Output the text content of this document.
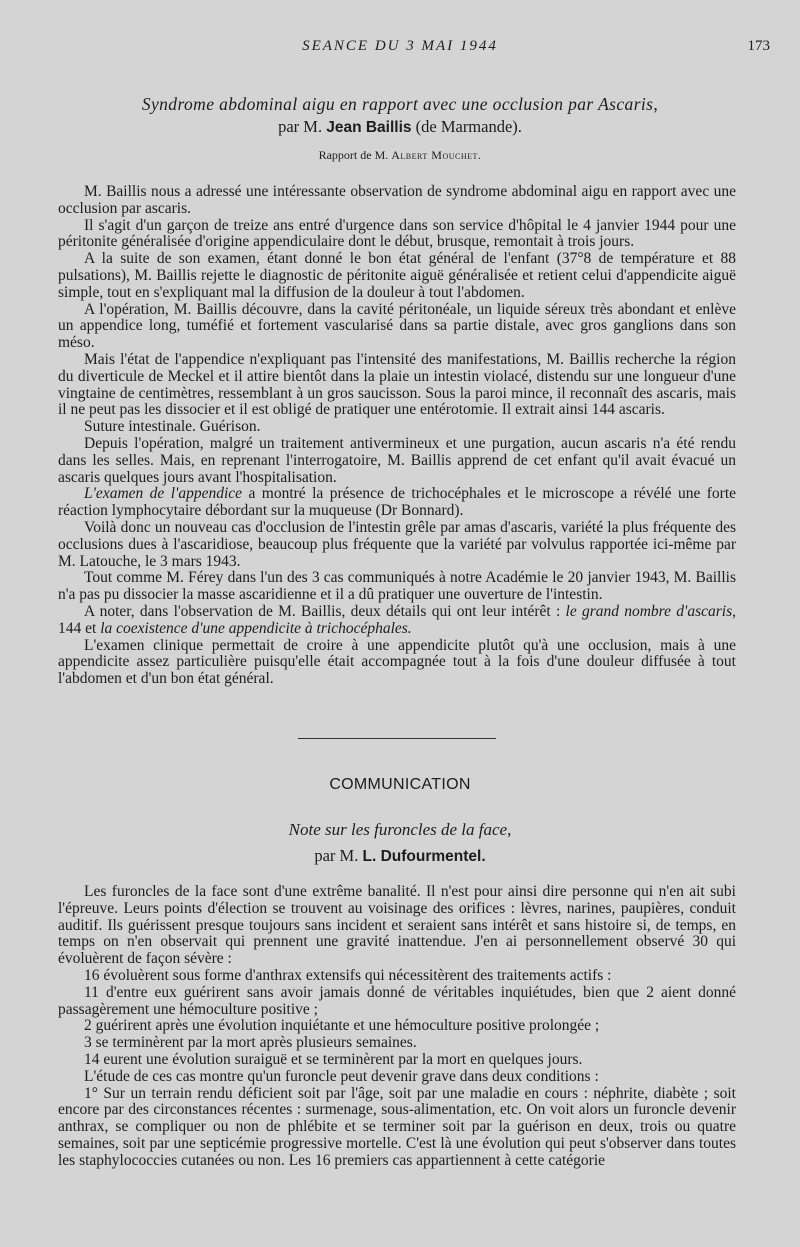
SEANCE DU 3 MAI 1944	173
Syndrome abdominal aigu en rapport avec une occlusion par Ascaris,
par M. Jean Baillis (de Marmande).
Rapport de M. Albert Mouchet.

M. Baillis nous a adressé une intéressante observation de syndrome abdominal aigu en rapport avec une occlusion par ascaris.

Il s'agit d'un garçon de treize ans entré d'urgence dans son service d'hôpital le 4 janvier 1944 pour une péritonite généralisée d'origine appendiculaire dont le début, brusque, remontait à trois jours.

A la suite de son examen, étant donné le bon état général de l'enfant (37°8 de température et 88 pulsations), M. Baillis rejette le diagnostic de péritonite aiguë généralisée et retient celui d'appendicite aiguë simple, tout en s'expliquant mal la diffusion de la douleur à tout l'abdomen.

A l'opération, M. Baillis découvre, dans la cavité péritonéale, un liquide séreux très abondant et enlève un appendice long, tuméfié et fortement vascularisé dans sa partie distale, avec gros ganglions dans son méso.

Mais l'état de l'appendice n'expliquant pas l'intensité des manifestations, M. Baillis recherche la région du diverticule de Meckel et il attire bientôt dans la plaie un intestin violacé, distendu sur une longueur d'une vingtaine de centimètres, ressemblant à un gros saucisson. Sous la paroi mince, il reconnaît des ascaris, mais il ne peut pas les dissocier et il est obligé de pratiquer une entérotomie. Il extrait ainsi 144 ascaris.

Suture intestinale. Guérison.

Depuis l'opération, malgré un traitement antivermineux et une purgation, aucun ascaris n'a été rendu dans les selles. Mais, en reprenant l'interrogatoire, M. Baillis apprend de cet enfant qu'il avait évacué un ascaris quelques jours avant l'hospitalisation.

L'examen de l'appendice a montré la présence de trichocéphales et le microscope a révélé une forte réaction lymphocytaire débordant sur la muqueuse (Dr Bonnard).

Voilà donc un nouveau cas d'occlusion de l'intestin grêle par amas d'ascaris, variété la plus fréquente des occlusions dues à l'ascaridiose, beaucoup plus fréquente que la variété par volvulus rapportée ici-même par M. Latouche, le 3 mars 1943.

Tout comme M. Férey dans l'un des 3 cas communiqués à notre Académie le 20 janvier 1943, M. Baillis n'a pas pu dissocier la masse ascaridienne et il a dû pratiquer une ouverture de l'intestin.

A noter, dans l'observation de M. Baillis, deux détails qui ont leur intérêt : le grand nombre d'ascaris, 144 et la coexistence d'une appendicite à trichocéphales.

L'examen clinique permettait de croire à une appendicite plutôt qu'à une occlusion, mais à une appendicite assez particulière puisqu'elle était accompagnée tout à la fois d'une douleur diffusée à tout l'abdomen et d'un bon état général.

COMMUNICATION
Note sur les furoncles de la face,
par M. L. Dufourmentel.

Les furoncles de la face sont d'une extrême banalité. Il n'est pour ainsi dire personne qui n'en ait subi l'épreuve. Leurs points d'élection se trouvent au voisinage des orifices : lèvres, narines, paupières, conduit auditif. Ils guérissent presque toujours sans incident et seraient sans intérêt et sans histoire si, de temps, en temps on n'en observait qui prennent une gravité inattendue. J'en ai personnellement observé 30 qui évoluèrent de façon sévère :

16 évoluèrent sous forme d'anthrax extensifs qui nécessitèrent des traitements actifs :

11 d'entre eux guérirent sans avoir jamais donné de véritables inquiétudes, bien que 2 aient donné passagèrement une hémoculture positive ;

2 guérirent après une évolution inquiétante et une hémoculture positive prolongée ;

3 se terminèrent par la mort après plusieurs semaines.

14 eurent une évolution suraiguë et se terminèrent par la mort en quelques jours.

L'étude de ces cas montre qu'un furoncle peut devenir grave dans deux conditions :

1° Sur un terrain rendu déficient soit par l'âge, soit par une maladie en cours : néphrite, diabète ; soit encore par des circonstances récentes : surmenage, sous-alimentation, etc. On voit alors un furoncle devenir anthrax, se compliquer ou non de phlébite et se terminer soit par la guérison en deux, trois ou quatre semaines, soit par une septicémie progressive mortelle. C'est là une évolution qui peut s'observer dans toutes les staphylococcies cutanées ou non. Les 16 premiers cas appartiennent à cette catégorie
